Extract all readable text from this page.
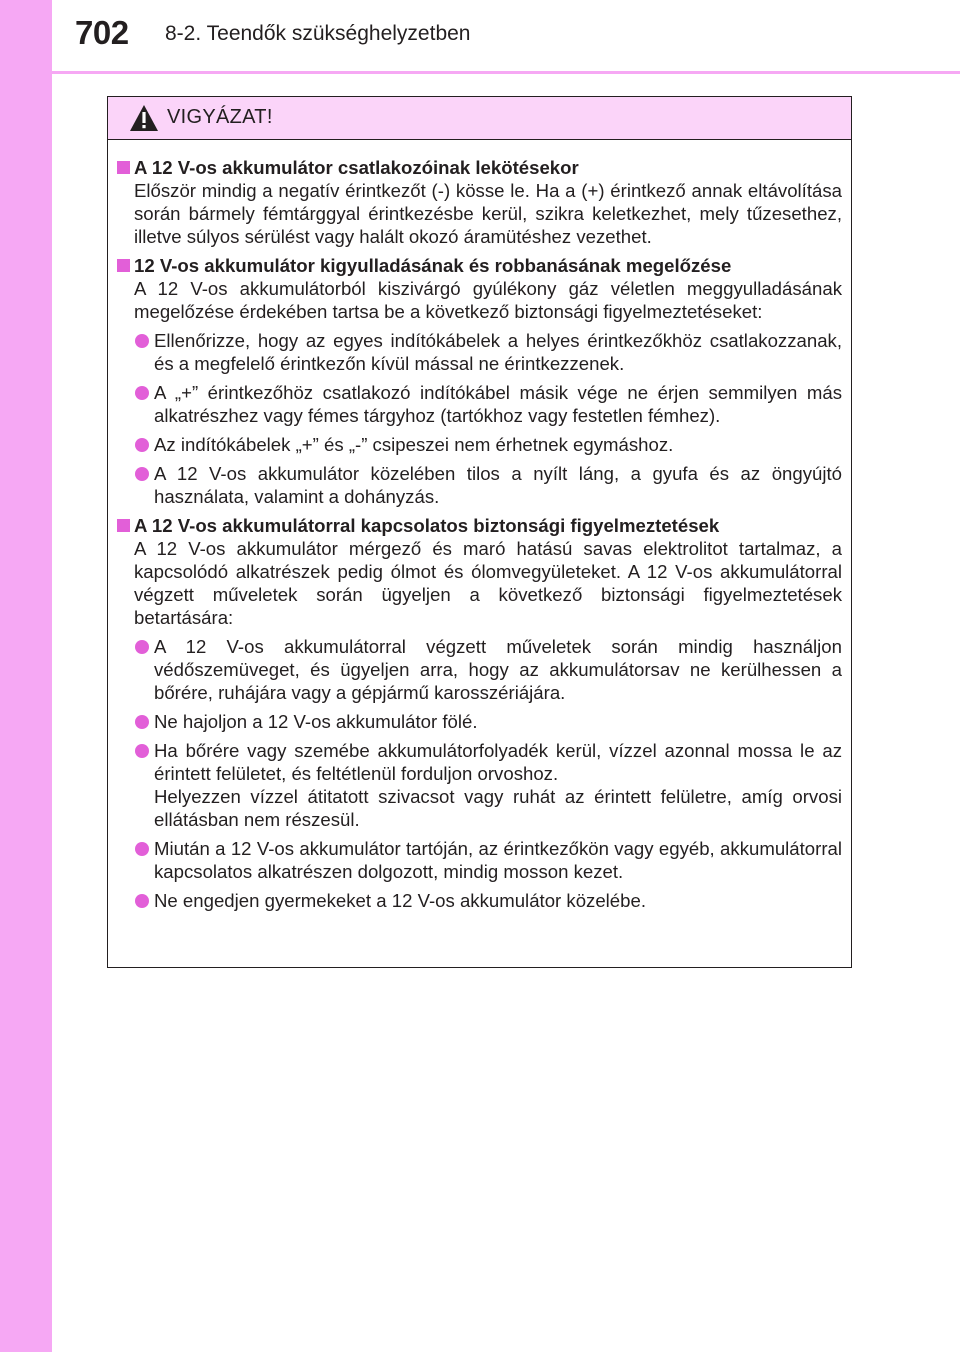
702 8-2. Teendők szükséghelyzetben
VIGYÁZAT!
A 12 V-os akkumulátor csatlakozóinak lekötésekor
Először mindig a negatív érintkezőt (-) kösse le. Ha a (+) érintkező annak eltávolítása során bármely fémtárggyal érintkezésbe kerül, szikra keletkezhet, mely tűzesethez, illetve súlyos sérülést vagy halált okozó áramütéshez vezethet.
12 V-os akkumulátor kigyulladásának és robbanásának megelőzése
A 12 V-os akkumulátorból kiszivárgó gyúlékony gáz véletlen meggyulladásának megelőzése érdekében tartsa be a következő biztonsági figyelmeztetéseket:
Ellenőrizze, hogy az egyes indítókábelek a helyes érintkezőkhöz csatlakozzanak, és a megfelelő érintkezőn kívül mással ne érintkezzenek.
A „+” érintkezőhöz csatlakozó indítókábel másik vége ne érjen semmilyen más alkatrészhez vagy fémes tárgyhoz (tartókhoz vagy festetlen fémhez).
Az indítókábelek „+” és „-” csipeszei nem érhetnek egymáshoz.
A 12 V-os akkumulátor közelében tilos a nyílt láng, a gyufa és az öngyújtó használata, valamint a dohányzás.
A 12 V-os akkumulátorral kapcsolatos biztonsági figyelmeztetések
A 12 V-os akkumulátor mérgező és maró hatású savas elektrolitot tartalmaz, a kapcsolódó alkatrészek pedig ólmot és ólomvegyületeket. A 12 V-os akkumulátorral végzett műveletek során ügyeljen a következő biztonsági figyelmeztetések betartására:
A 12 V-os akkumulátorral végzett műveletek során mindig használjon védőszemüveget, és ügyeljen arra, hogy az akkumulátorsav ne kerülhessen a bőrére, ruhájára vagy a gépjármű karosszériájára.
Ne hajoljon a 12 V-os akkumulátor fölé.
Ha bőrére vagy szemébe akkumulátorfolyadék kerül, vízzel azonnal mossa le az érintett felületet, és feltétlenül forduljon orvoshoz.
Helyezzen vízzel átitatott szivacsot vagy ruhát az érintett felületre, amíg orvosi ellátásban nem részesül.
Miután a 12 V-os akkumulátor tartóján, az érintkezőkön vagy egyéb, akkumulátorral kapcsolatos alkatrészen dolgozott, mindig mosson kezet.
Ne engedjen gyermekeket a 12 V-os akkumulátor közelébe.
